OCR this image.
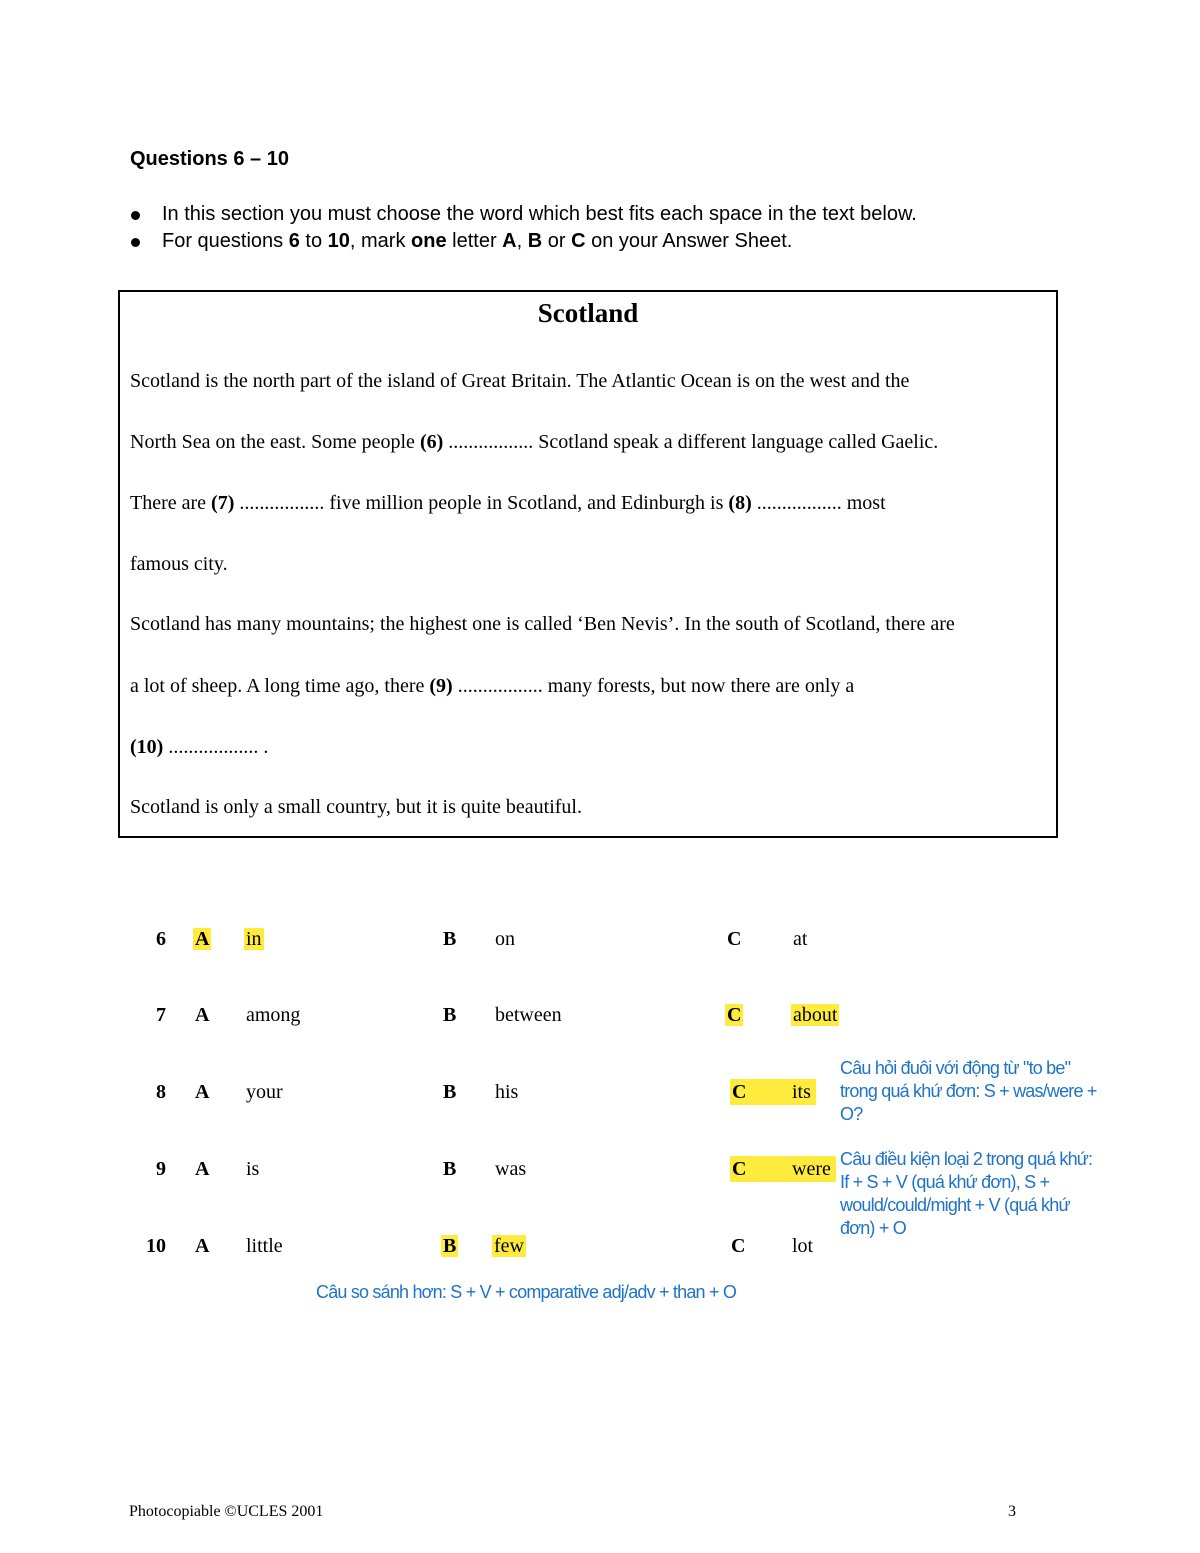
Questions 6 – 10
In this section you must choose the word which best fits each space in the text below.
For questions 6 to 10, mark one letter A, B or C on your Answer Sheet.
Scotland
Scotland is the north part of the island of Great Britain. The Atlantic Ocean is on the west and the
North Sea on the east. Some people (6) ................. Scotland speak a different language called Gaelic.
There are (7) ................. five million people in Scotland, and Edinburgh is (8) ................. most
famous city.
Scotland has many mountains; the highest one is called ‘Ben Nevis’. In the south of Scotland, there are
a lot of sheep. A long time ago, there (9) ................. many forests, but now there are only a
(10) .................. .
Scotland is only a small country, but it is quite beautiful.
6 A in	B on	C	at
7 A among	B between	C	about
8 A your	B his	C	its
9 A is	B was	C	were
10 A little	B few	C lot
Câu hỏi đuôi với động từ "to be"
trong quá khứ đơn: S + was/were +
O?
Câu điều kiện loại 2 trong quá khứ:
If + S + V (quá khứ đơn), S +
would/could/might + V (quá khứ
đơn) + O
Câu so sánh hơn: S + V + comparative adj/adv + than + O
Photocopiable ©UCLES 2001	3
